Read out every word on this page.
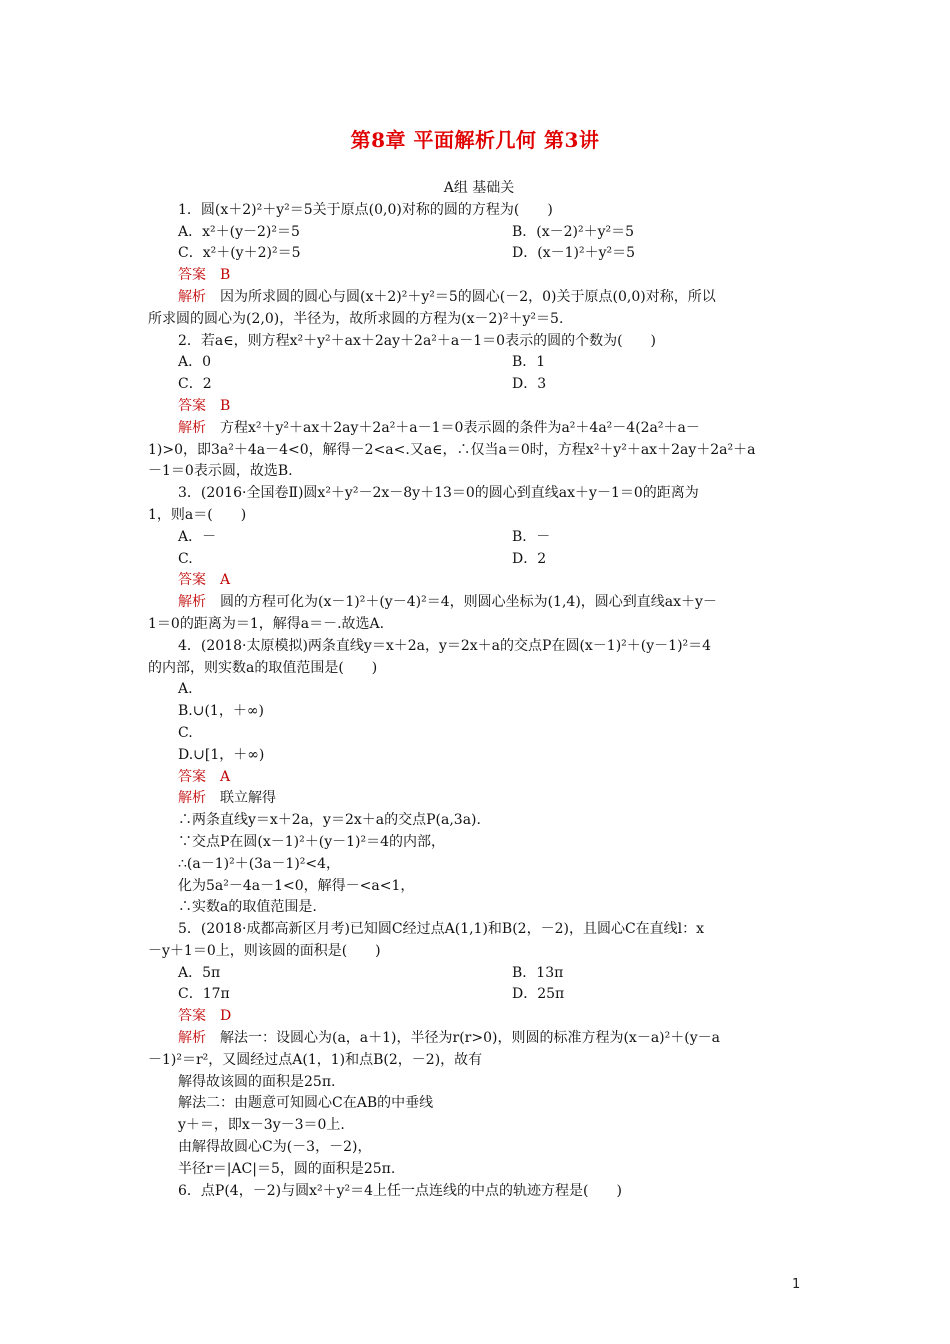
第8章 平面解析几何 第3讲
A组 基础关
1．圆(x＋2)²＋y²＝5关于原点(0,0)对称的圆的方程为(　　)
A．x²＋(y－2)²＝5	B．(x－2)²＋y²＝5
C．x²＋(y＋2)²＝5	D．(x－1)²＋y²＝5
答案　B
解析　因为所求圆的圆心与圆(x＋2)²＋y²＝5的圆心(－2，0)关于原点(0,0)对称，所以
所求圆的圆心为(2,0)，半径为，故所求圆的方程为(x－2)²＋y²＝5.
2．若a∈，则方程x²＋y²＋ax＋2ay＋2a²＋a－1＝0表示的圆的个数为(　　)
A．0	B．1
C．2	D．3
答案　B
解析　方程x²＋y²＋ax＋2ay＋2a²＋a－1＝0表示圆的条件为a²＋4a²－4(2a²＋a－
1)>0，即3a²＋4a－4<0，解得－2<a<.又a∈，∴仅当a＝0时，方程x²＋y²＋ax＋2ay＋2a²＋a
－1＝0表示圆，故选B.
3．(2016·全国卷Ⅱ)圆x²＋y²－2x－8y＋13＝0的圆心到直线ax＋y－1＝0的距离为
1，则a＝(　　)
A．－	B．－
C.	D．2
答案　A
解析　圆的方程可化为(x－1)²＋(y－4)²＝4，则圆心坐标为(1,4)，圆心到直线ax＋y－
1＝0的距离为＝1，解得a＝－.故选A.
4．(2018·太原模拟)两条直线y＝x＋2a，y＝2x＋a的交点P在圆(x－1)²＋(y－1)²＝4
的内部，则实数a的取值范围是(　　)
A.
B.∪(1，＋∞)
C.
D.∪[1，＋∞)
答案　A
解析　联立解得
∴两条直线y＝x＋2a，y＝2x＋a的交点P(a,3a).
∵交点P在圆(x－1)²＋(y－1)²＝4的内部，
∴(a－1)²＋(3a－1)²<4，
化为5a²－4a－1<0，解得－<a<1，
∴实数a的取值范围是.
5．(2018·成都高新区月考)已知圆C经过点A(1,1)和B(2，－2)，且圆心C在直线l：x
－y＋1＝0上，则该圆的面积是(　　)
A．5π	B．13π
C．17π	D．25π
答案　D
解析　解法一：设圆心为(a，a＋1)，半径为r(r>0)，则圆的标准方程为(x－a)²＋(y－a
－1)²＝r²，又圆经过点A(1，1)和点B(2，－2)，故有
解得故该圆的面积是25π.
解法二：由题意可知圆心C在AB的中垂线
y＋＝，即x－3y－3＝0上.
由解得故圆心C为(－3，－2)，
半径r＝|AC|＝5，圆的面积是25π.
6．点P(4，－2)与圆x²＋y²＝4上任一点连线的中点的轨迹方程是(　　)
1
